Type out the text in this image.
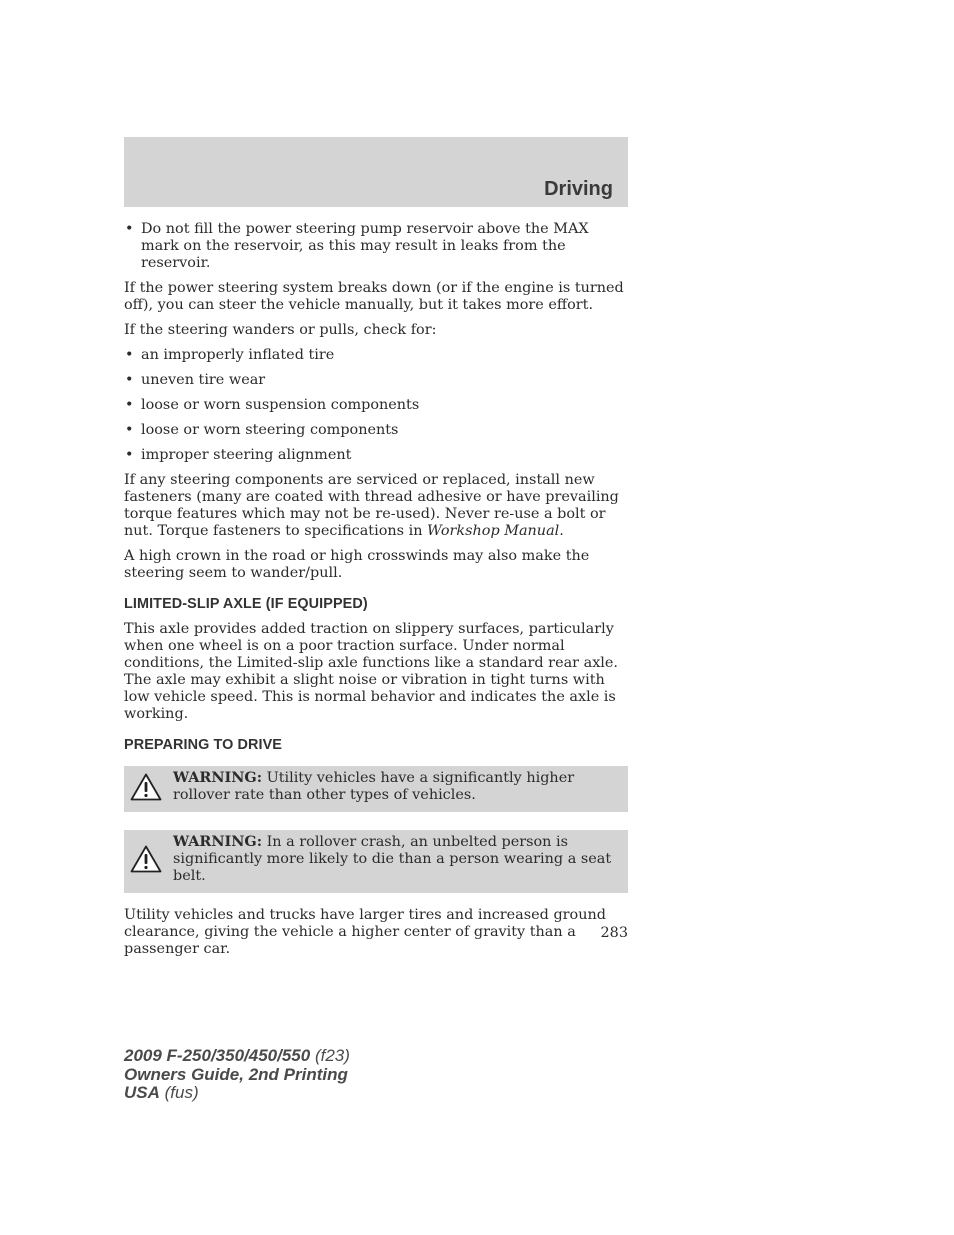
Driving
• Do not fill the power steering pump reservoir above the MAX mark on the reservoir, as this may result in leaks from the reservoir.

If the power steering system breaks down (or if the engine is turned off), you can steer the vehicle manually, but it takes more effort.

If the steering wanders or pulls, check for:

• an improperly inflated tire
• uneven tire wear
• loose or worn suspension components
• loose or worn steering components
• improper steering alignment

If any steering components are serviced or replaced, install new fasteners (many are coated with thread adhesive or have prevailing torque features which may not be re-used). Never re-use a bolt or nut. Torque fasteners to specifications in Workshop Manual.

A high crown in the road or high crosswinds may also make the steering seem to wander/pull.

LIMITED-SLIP AXLE (IF EQUIPPED)

This axle provides added traction on slippery surfaces, particularly when one wheel is on a poor traction surface. Under normal conditions, the Limited-slip axle functions like a standard rear axle. The axle may exhibit a slight noise or vibration in tight turns with low vehicle speed. This is normal behavior and indicates the axle is working.

PREPARING TO DRIVE
WARNING: Utility vehicles have a significantly higher rollover rate than other types of vehicles.
WARNING: In a rollover crash, an unbelted person is significantly more likely to die than a person wearing a seat belt.

Utility vehicles and trucks have larger tires and increased ground clearance, giving the vehicle a higher center of gravity than a passenger car.

283
2009 F-250/350/450/550 (f23)
Owners Guide, 2nd Printing
USA (fus)
